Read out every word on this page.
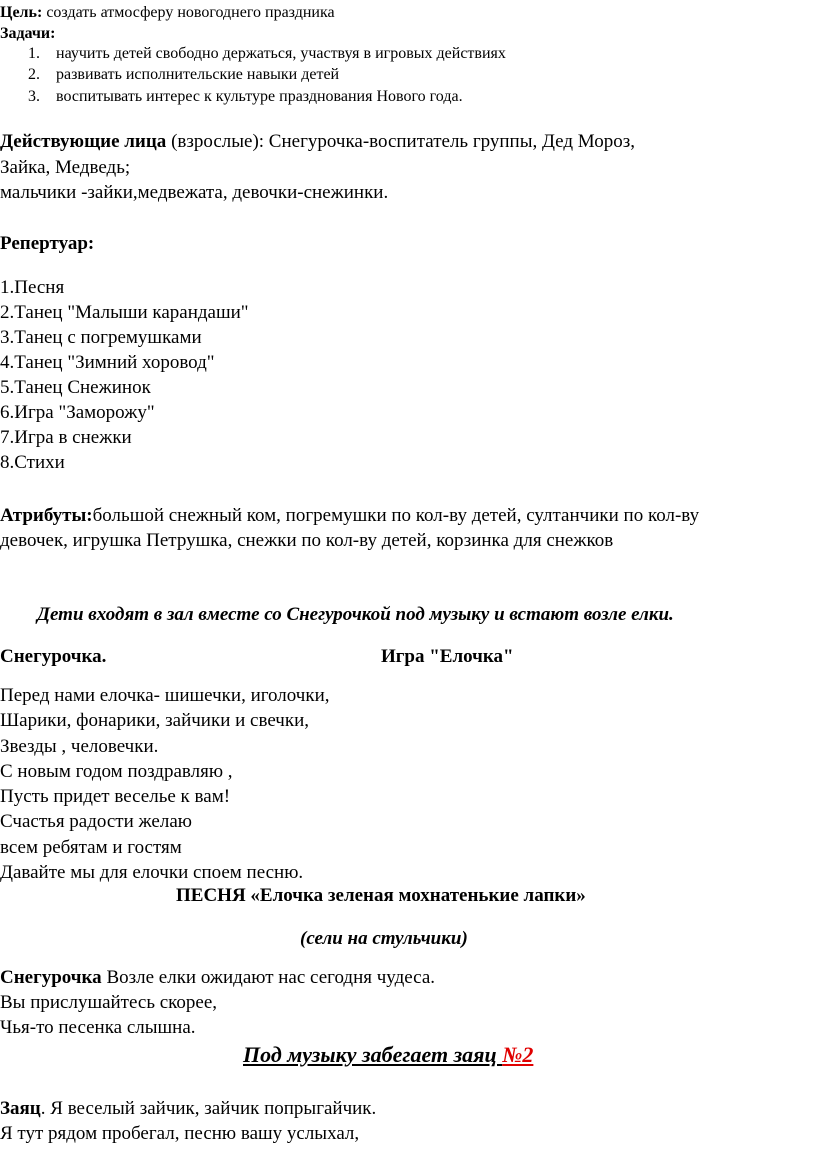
Цель: создать атмосферу новогоднего праздника
Задачи:
1. научить детей свободно держаться, участвуя в игровых действиях
2. развивать исполнительские навыки детей
3. воспитывать интерес к культуре празднования Нового года.
Действующие лица (взрослые): Снегурочка-воспитатель группы, Дед Мороз,
Зайка, Медведь;
мальчики -зайки,медвежата, девочки-снежинки.
Репертуар:
1.Песня
2.Танец "Малыши карандаши"
3.Танец с погремушками
4.Танец "Зимний хоровод"
5.Танец Снежинок
6.Игра "Заморожу"
7.Игра в снежки
8.Стихи
Атрибуты:большой снежный ком, погремушки по кол-ву детей, султанчики по кол-ву
девочек, игрушка Петрушка, снежки по кол-ву детей, корзинка для снежков
Дети входят в зал вместе со Снегурочкой под музыку и встают возле елки.
Снегурочка.	Игра "Елочка"
Перед нами елочка- шишечки, иголочки,
Шарики, фонарики, зайчики и свечки,
Звезды , человечки.
С новым годом поздравляю ,
Пусть придет веселье к вам!
Счастья радости желаю
всем ребятам и гостям
Давайте мы для елочки споем песню.
ПЕСНЯ «Елочка зеленая мохнатенькие лапки»
(сели на стульчики)
Снегурочка Возле елки ожидают нас сегодня чудеса.
Вы прислушайтесь скорее,
Чья-то песенка слышна.
Под музыку забегает заяц №2
Заяц. Я веселый зайчик, зайчик попрыгайчик.
Я тут рядом пробегал, песню вашу услыхал,
